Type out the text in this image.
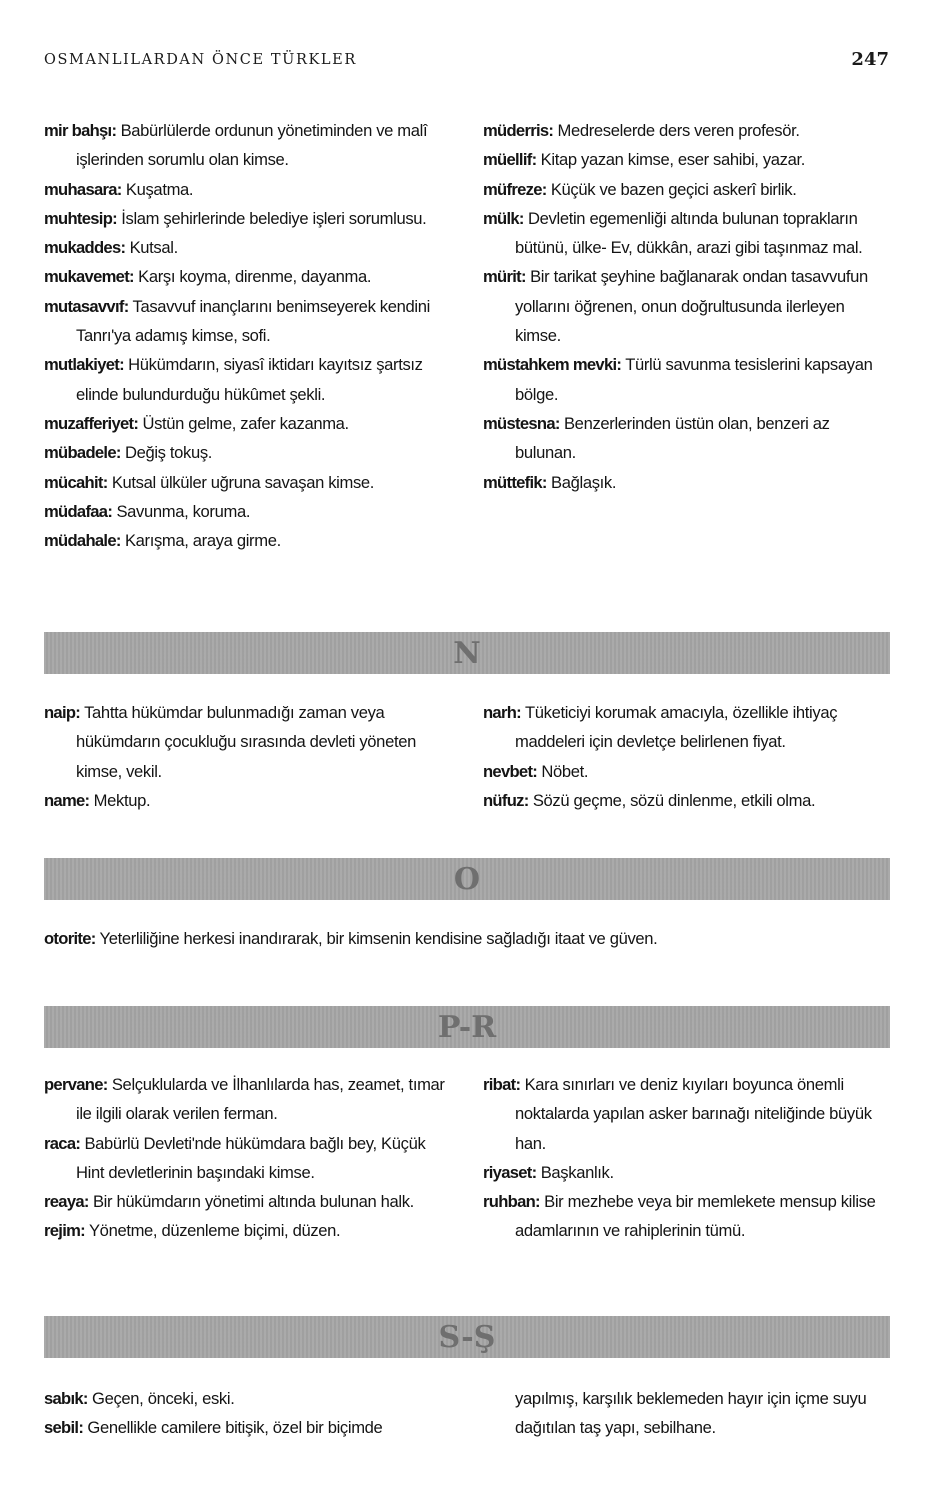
OSMANLILARDAN ÖNCE TÜRKLER	247

mir bahşı: Babürlülerde ordunun yönetiminden ve malî işlerinden sorumlu olan kimse.

muhasara: Kuşatma.

muhtesip: İslam şehirlerinde belediye işleri sorumlusu.

mukaddes: Kutsal.

mukavemet: Karşı koyma, direnme, dayanma.

mutasavvıf: Tasavvuf inançlarını benimseyerek kendini Tanrı'ya adamış kimse, sofi.

mutlakiyet: Hükümdarın, siyasî iktidarı kayıtsız şartsız elinde bulundurduğu hükûmet şekli.

muzafferiyet: Üstün gelme, zafer kazanma.

mübadele: Değiş tokuş.

mücahit: Kutsal ülküler uğruna savaşan kimse.

müdafaa: Savunma, koruma.

müdahale: Karışma, araya girme.

müderris: Medreselerde ders veren profesör.

müellif: Kitap yazan kimse, eser sahibi, yazar.

müfreze: Küçük ve bazen geçici askerî birlik.

mülk: Devletin egemenliği altında bulunan toprakların bütünü, ülke- Ev, dükkân, arazi gibi taşınmaz mal.

mürit: Bir tarikat şeyhine bağlanarak ondan tasavvufun yollarını öğrenen, onun doğrultusunda ilerleyen kimse.

müstahkem mevki: Türlü savunma tesislerini kapsayan bölge.

müstesna: Benzerlerinden üstün olan, benzeri az bulunan.

müttefik: Bağlaşık.

N

naip: Tahtta hükümdar bulunmadığı zaman veya hükümdarın çocukluğu sırasında devleti yöneten kimse, vekil.

name: Mektup.

narh: Tüketiciyi korumak amacıyla, özellikle ihtiyaç maddeleri için devletçe belirlenen fiyat.

nevbet: Nöbet.

nüfuz: Sözü geçme, sözü dinlenme, etkili olma.

O

otorite: Yeterliliğine herkesi inandırarak, bir kimsenin kendisine sağladığı itaat ve güven.

P-R

pervane: Selçuklularda ve İlhanlılarda has, zeamet, tımar ile ilgili olarak verilen ferman.

raca: Babürlü Devleti'nde hükümdara bağlı bey, Küçük Hint devletlerinin başındaki kimse.

reaya: Bir hükümdarın yönetimi altında bulunan halk.

rejim: Yönetme, düzenleme biçimi, düzen.

ribat: Kara sınırları ve deniz kıyıları boyunca önemli noktalarda yapılan asker barınağı niteliğinde büyük han.

riyaset: Başkanlık.

ruhban: Bir mezhebe veya bir memlekete mensup kilise adamlarının ve rahiplerinin tümü.

S-Ş

sabık: Geçen, önceki, eski.

sebil: Genellikle camilere bitişik, özel bir biçimde

yapılmış, karşılık beklemeden hayır için içme suyu dağıtılan taş yapı, sebilhane.
